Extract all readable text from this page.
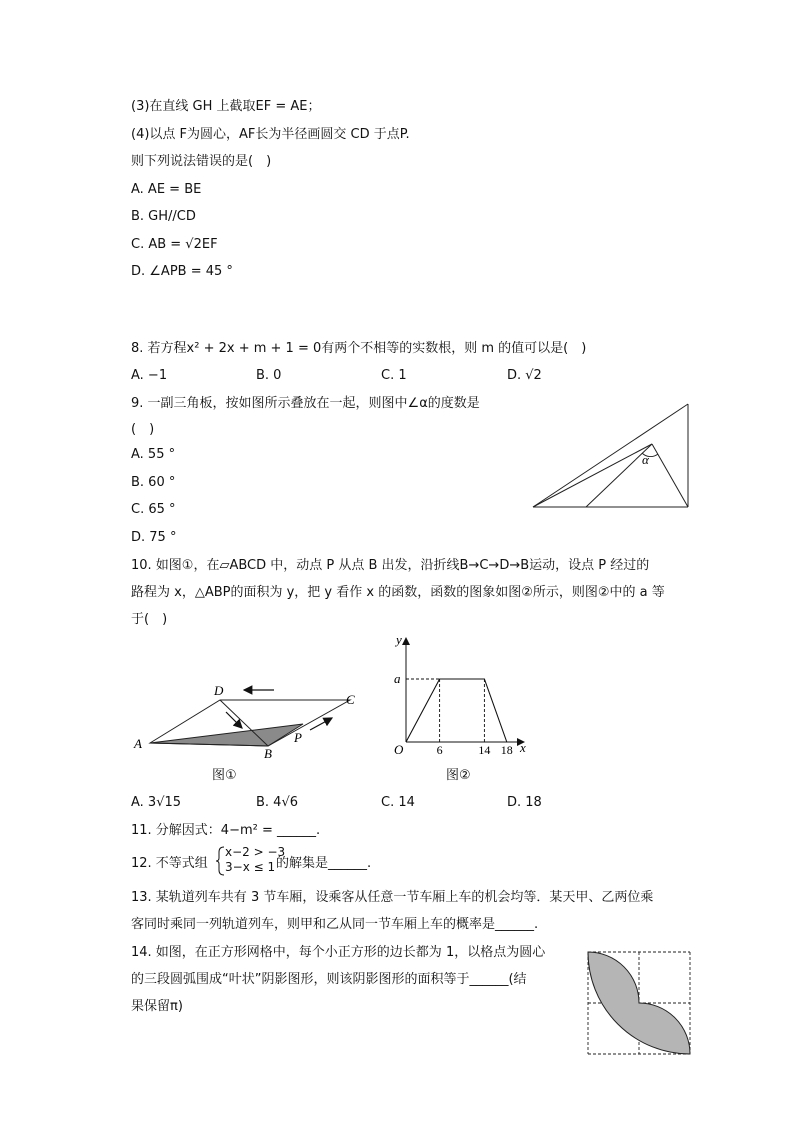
(3)在直线 GH 上截取EF = AE；
(4)以点 F为圆心，AF长为半径画圆交 CD 于点P.
则下列说法错误的是(　)
A. AE = BE
B. GH//CD
C. AB = √2EF
D. ∠APB = 45 °
8. 若方程x² + 2x + m + 1 = 0有两个不相等的实数根，则 m 的值可以是(　)
A. −1	B. 0	C. 1	D. √2
9. 一副三角板，按如图所示叠放在一起，则图中∠α的度数是
(　)
A. 55 °
B. 60 °
C. 65 °
D. 75 °
α
10. 如图①，在▱ABCD 中，动点 P 从点 B 出发，沿折线B→C→D→B运动，设点 P 经过的
路程为 x，△ABP的面积为 y，把 y 看作 x 的函数，函数的图象如图②所示，则图②中的 a 等
于(　)
A
D
C
B
P
图①
y
x
a
O	6	14 18
图②
A. 3√15	B. 4√6	C. 14	D. 18
11. 分解因式：4−m² = ______.
12. 不等式组
x−2 > −3
3−x ≤ 1 的解集是______.
13. 某轨道列车共有 3 节车厢，设乘客从任意一节车厢上车的机会均等．某天甲、乙两位乘
客同时乘同一列轨道列车，则甲和乙从同一节车厢上车的概率是______.
14. 如图，在正方形网格中，每个小正方形的边长都为 1，以格点为圆心
的三段圆弧围成“叶状”阴影图形，则该阴影图形的面积等于______(结
果保留π)
